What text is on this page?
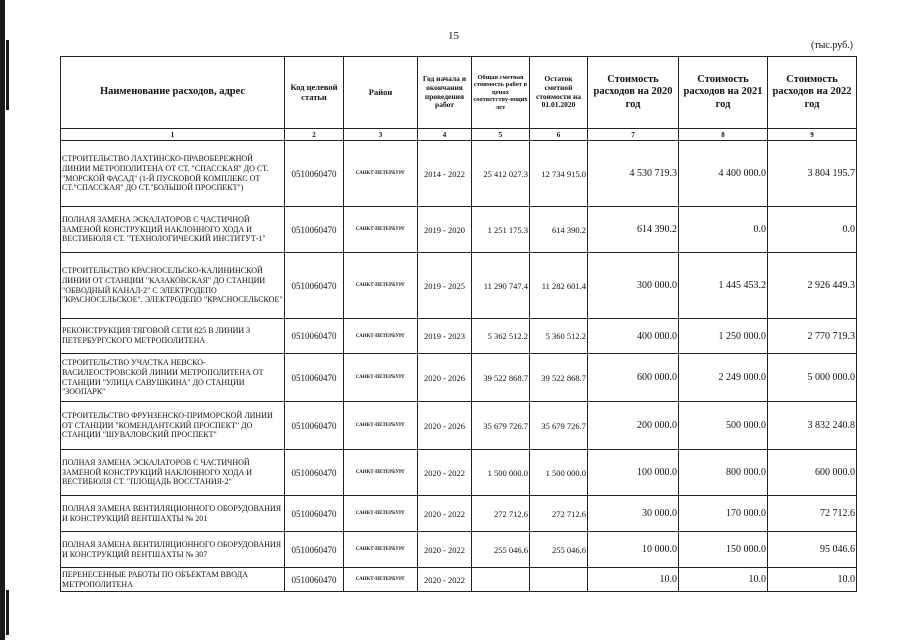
15
(тыс.руб.)
Наименование расходов, адрес	Код целевой статьи	Район	Год начала и окончания проведения работ	Общая сметная стоимость работ в ценах соответству-ющих лет	Остаток сметной стоимости на 01.01.2020	Стоимость расходов на 2020 год	Стоимость расходов на 2021 год	Стоимость расходов на 2022 год
1	2	3	4	5	6	7	8	9
СТРОИТЕЛЬСТВО ЛАХТИНСКО-ПРАВОБЕРЕЖНОЙ ЛИНИИ МЕТРОПОЛИТЕНА ОТ СТ. "СПАССКАЯ" ДО СТ. "МОРСКОЙ ФАСАД" (1-Й ПУСКОВОЙ КОМПЛЕКС ОТ СТ."СПАССКАЯ" ДО СТ."БОЛЬШОЙ ПРОСПЕКТ")	0510060470	САНКТ-ПЕТЕРБУРГ	2014 - 2022	25 412 027.3	12 734 915.0	4 530 719.3	4 400 000.0	3 804 195.7
ПОЛНАЯ ЗАМЕНА ЭСКАЛАТОРОВ С ЧАСТИЧНОЙ ЗАМЕНОЙ КОНСТРУКЦИЙ НАКЛОННОГО ХОДА И ВЕСТИБЮЛЯ СТ. "ТЕХНОЛОГИЧЕСКИЙ ИНСТИТУТ-1"	0510060470	САНКТ-ПЕТЕРБУРГ	2019 - 2020	1 251 175.3	614 390.2	614 390.2	0.0	0.0
СТРОИТЕЛЬСТВО КРАСНОСЕЛЬСКО-КАЛИНИНСКОЙ ЛИНИИ ОТ СТАНЦИИ "КАЗАКОВСКАЯ" ДО СТАНЦИИ "ОБВОДНЫЙ КАНАЛ-2" С ЭЛЕКТРОДЕПО "КРАСНОСЕЛЬСКОЕ". ЭЛЕКТРОДЕПО "КРАСНОСЕЛЬСКОЕ"	0510060470	САНКТ-ПЕТЕРБУРГ	2019 - 2025	11 290 747.4	11 282 601.4	300 000.0	1 445 453.2	2 926 449.3
РЕКОНСТРУКЦИЯ ТЯГОВОЙ СЕТИ 825 В ЛИНИИ 3 ПЕТЕРБУРГСКОГО МЕТРОПОЛИТЕНА	0510060470	САНКТ-ПЕТЕРБУРГ	2019 - 2023	5 362 512.2	5 360 512.2	400 000.0	1 250 000.0	2 770 719.3
СТРОИТЕЛЬСТВО УЧАСТКА НЕВСКО-ВАСИЛЕОСТРОВСКОЙ ЛИНИИ МЕТРОПОЛИТЕНА ОТ СТАНЦИИ "УЛИЦА САВУШКИНА" ДО СТАНЦИИ "ЗООПАРК"	0510060470	САНКТ-ПЕТЕРБУРГ	2020 - 2026	39 522 868.7	39 522 868.7	600 000.0	2 249 000.0	5 000 000.0
СТРОИТЕЛЬСТВО ФРУНЗЕНСКО-ПРИМОРСКОЙ ЛИНИИ ОТ СТАНЦИИ "КОМЕНДАНТСКИЙ ПРОСПЕКТ" ДО СТАНЦИИ "ШУВАЛОВСКИЙ ПРОСПЕКТ"	0510060470	САНКТ-ПЕТЕРБУРГ	2020 - 2026	35 679 726.7	35 679 726.7	200 000.0	500 000.0	3 832 240.8
ПОЛНАЯ ЗАМЕНА ЭСКАЛАТОРОВ С ЧАСТИЧНОЙ ЗАМЕНОЙ КОНСТРУКЦИЙ НАКЛОННОГО ХОДА И ВЕСТИБЮЛЯ СТ. "ПЛОЩАДЬ ВОССТАНИЯ-2"	0510060470	САНКТ-ПЕТЕРБУРГ	2020 - 2022	1 500 000.0	1 500 000.0	100 000.0	800 000.0	600 000.0
ПОЛНАЯ ЗАМЕНА ВЕНТИЛЯЦИОННОГО ОБОРУДОВАНИЯ И КОНСТРУКЦИЙ ВЕНТШАХТЫ № 201	0510060470	САНКТ-ПЕТЕРБУРГ	2020 - 2022	272 712.6	272 712.6	30 000.0	170 000.0	72 712.6
ПОЛНАЯ ЗАМЕНА ВЕНТИЛЯЦИОННОГО ОБОРУДОВАНИЯ И КОНСТРУКЦИЙ ВЕНТШАХТЫ № 307	0510060470	САНКТ-ПЕТЕРБУРГ	2020 - 2022	255 046.6	255 046.6	10 000.0	150 000.0	95 046.6
ПЕРЕНЕСЕННЫЕ РАБОТЫ ПО ОБЪЕКТАМ ВВОДА МЕТРОПОЛИТЕНА	0510060470	САНКТ-ПЕТЕРБУРГ	2020 - 2022			10.0	10.0	10.0
